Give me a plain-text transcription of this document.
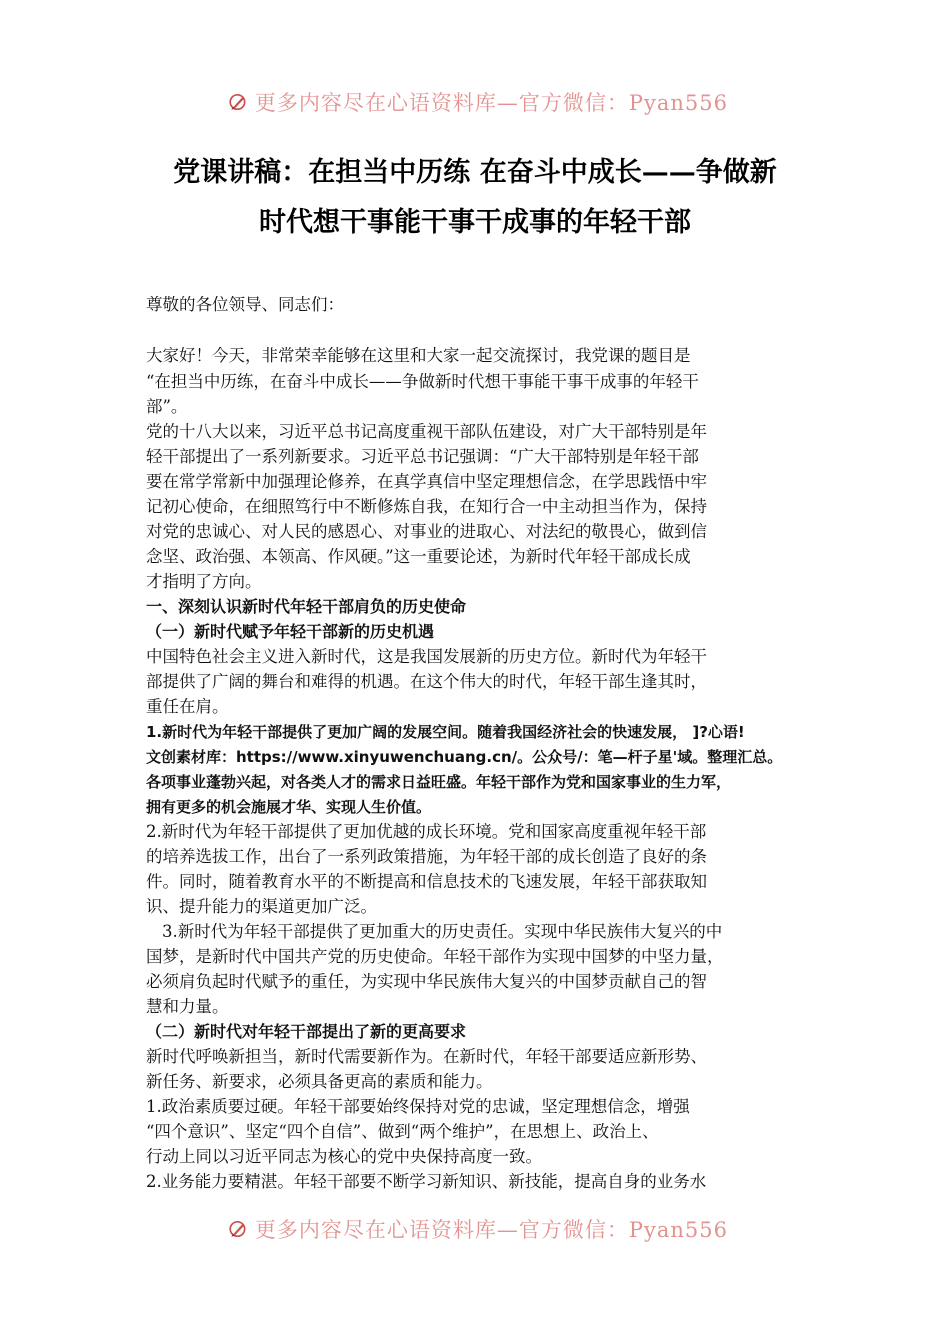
更多内容尽在心语资料库—官方微信：Pyan556
党课讲稿：在担当中历练 在奋斗中成长——争做新
时代想干事能干事干成事的年轻干部
尊敬的各位领导、同志们：
大家好！今天，非常荣幸能够在这里和大家一起交流探讨，我党课的题目是
“在担当中历练，在奋斗中成长——争做新时代想干事能干事干成事的年轻干
部”。
党的十八大以来，习近平总书记高度重视干部队伍建设，对广大干部特别是年
轻干部提出了一系列新要求。习近平总书记强调：“广大干部特别是年轻干部
要在常学常新中加强理论修养，在真学真信中坚定理想信念，在学思践悟中牢
记初心使命，在细照笃行中不断修炼自我，在知行合一中主动担当作为，保持
对党的忠诚心、对人民的感恩心、对事业的进取心、对法纪的敬畏心，做到信
念坚、政治强、本领高、作风硬。”这一重要论述，为新时代年轻干部成长成
才指明了方向。
一、深刻认识新时代年轻干部肩负的历史使命
（一）新时代赋予年轻干部新的历史机遇
中国特色社会主义进入新时代，这是我国发展新的历史方位。新时代为年轻干
部提供了广阔的舞台和难得的机遇。在这个伟大的时代，年轻干部生逢其时，
重任在肩。
1.新时代为年轻干部提供了更加广阔的发展空间。随着我国经济社会的快速发展， ]?心语!
文创素材库：https://www.xinyuwenchuang.cn/。公众号/：笔—杆子星'域。整理汇总。
各项事业蓬勃兴起，对各类人才的需求日益旺盛。年轻干部作为党和国家事业的生力军，
拥有更多的机会施展才华、实现人生价值。
2.新时代为年轻干部提供了更加优越的成长环境。党和国家高度重视年轻干部
的培养选拔工作，出台了一系列政策措施，为年轻干部的成长创造了良好的条
件。同时，随着教育水平的不断提高和信息技术的飞速发展，年轻干部获取知
识、提升能力的渠道更加广泛。
3.新时代为年轻干部提供了更加重大的历史责任。实现中华民族伟大复兴的中
国梦，是新时代中国共产党的历史使命。年轻干部作为实现中国梦的中坚力量，
必须肩负起时代赋予的重任，为实现中华民族伟大复兴的中国梦贡献自己的智
慧和力量。
（二）新时代对年轻干部提出了新的更高要求
新时代呼唤新担当，新时代需要新作为。在新时代，年轻干部要适应新形势、
新任务、新要求，必须具备更高的素质和能力。
1.政治素质要过硬。年轻干部要始终保持对党的忠诚，坚定理想信念，增强
“四个意识”、坚定“四个自信”、做到“两个维护”，在思想上、政治上、
行动上同以习近平同志为核心的党中央保持高度一致。
2.业务能力要精湛。年轻干部要不断学习新知识、新技能，提高自身的业务水
更多内容尽在心语资料库—官方微信：Pyan556
